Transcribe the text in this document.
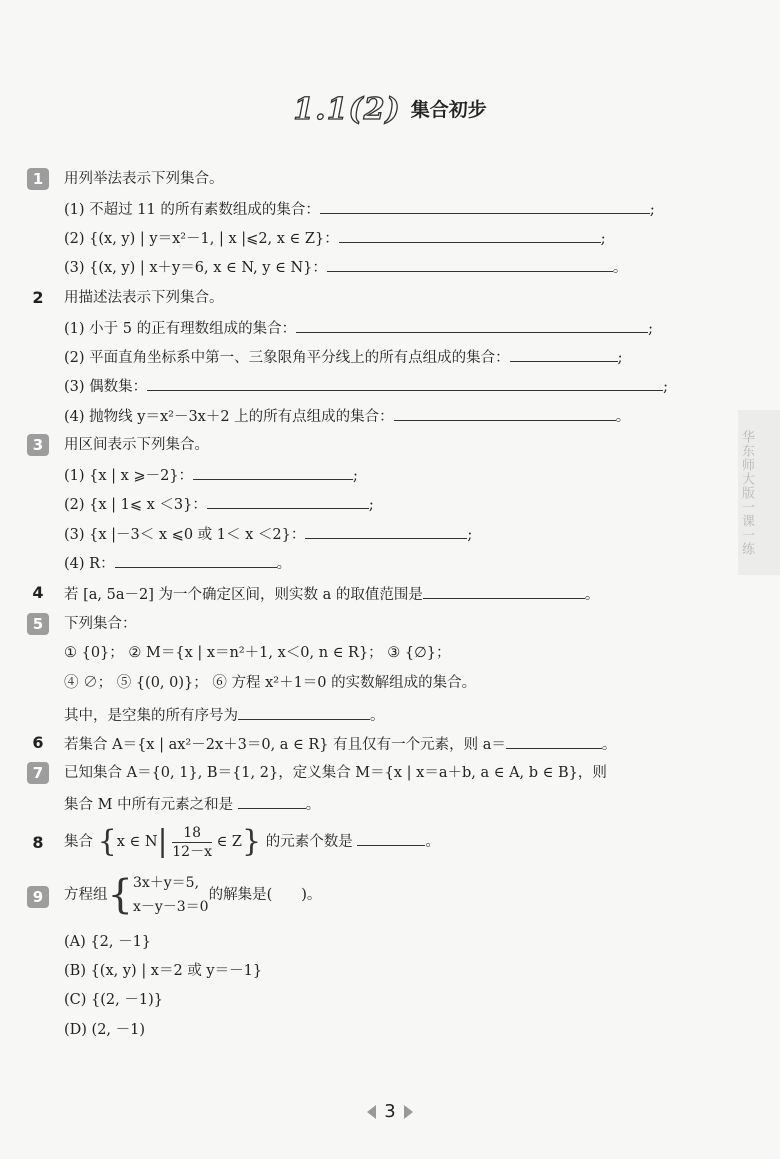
1.1(2) 集合初步
华东师大版一课一练
1	用列举法表示下列集合。
(1) 不超过 11 的所有素数组成的集合：	;
(2) {(x, y) | y＝x²－1, | x |⩽2, x ∈ Z}：	;
(3) {(x, y) | x＋y＝6, x ∈ N, y ∈ N}：	。
2	用描述法表示下列集合。
(1) 小于 5 的正有理数组成的集合：	;
(2) 平面直角坐标系中第一、三象限角平分线上的所有点组成的集合：	;
(3) 偶数集：	;
(4) 抛物线 y＝x²－3x＋2 上的所有点组成的集合：	。
3	用区间表示下列集合。
(1) {x | x ⩾－2}：	;
(2) {x | 1⩽ x ＜3}：	;
(3) {x |－3＜ x ⩽0 或 1＜ x ＜2}：	;
(4) R：	。
4	若 [a, 5a－2] 为一个确定区间，则实数 a 的取值范围是	。
5	下列集合：
① {0}； ② M＝{x | x＝n²＋1, x＜0, n ∈ R}； ③ {∅}；
④ ∅； ⑤ {(0, 0)}； ⑥ 方程 x²＋1＝0 的实数解组成的集合。
其中，是空集的所有序号为	。
6	若集合 A＝{x | ax²－2x＋3＝0, a ∈ R} 有且仅有一个元素，则 a＝	。
7	已知集合 A＝{0, 1}, B＝{1, 2}，定义集合 M＝{x | x＝a＋b, a ∈ A, b ∈ B}，则
集合 M 中所有元素之和是	。
8	集合 {x ∈ $N| \frac{18}{12-x}$ ∈ Z} 的元素个数是	。
9	方程组{ 3x＋y＝5,
x－y－3＝0
的解集是(　　)。
(A) {2, －1}
(B) {(x, y) | x＝2 或 y＝－1}
(C) {(2, －1)}
(D) (2, －1)
3
